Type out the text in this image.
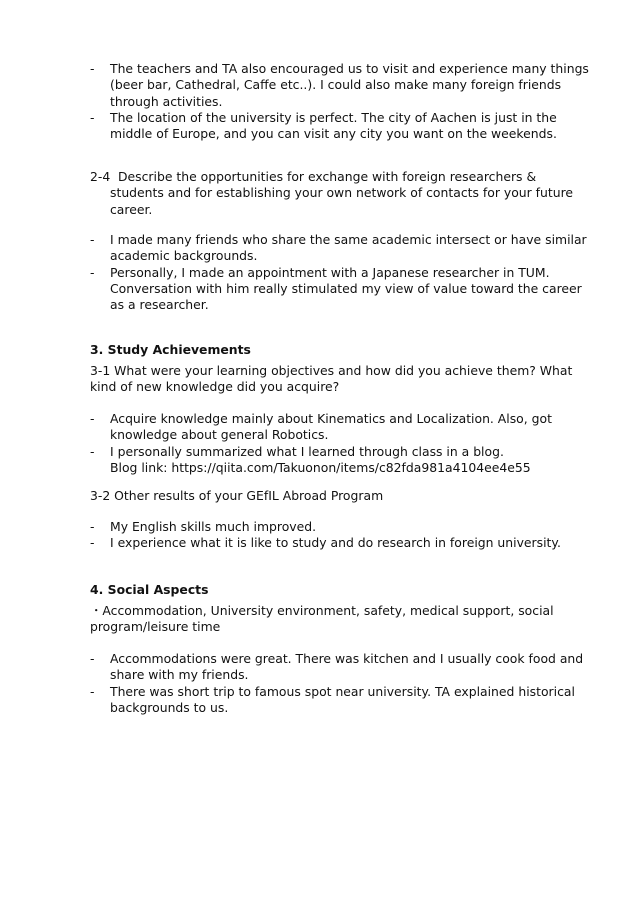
-	The teachers and TA also encouraged us to visit and experience many things
(beer bar, Cathedral, Caffe etc..). I could also make many foreign friends
through activities.
-	The location of the university is perfect. The city of Aachen is just in the
middle of Europe, and you can visit any city you want on the weekends.
2-4 Describe the opportunities for exchange with foreign researchers &
students and for establishing your own network of contacts for your future
career.
-	I made many friends who share the same academic intersect or have similar
academic backgrounds.
-	Personally, I made an appointment with a Japanese researcher in TUM.
Conversation with him really stimulated my view of value toward the career
as a researcher.
3. Study Achievements
3-1 What were your learning objectives and how did you achieve them? What
kind of new knowledge did you acquire?
-	Acquire knowledge mainly about Kinematics and Localization. Also, got
knowledge about general Robotics.
-	I personally summarized what I learned through class in a blog.
Blog link: https://qiita.com/Takuonon/items/c82fda981a4104ee4e55
3-2 Other results of your GEfIL Abroad Program
-	My English skills much improved.
-	I experience what it is like to study and do research in foreign university.
4. Social Aspects
・Accommodation, University environment, safety, medical support, social
program/leisure time
-	Accommodations were great. There was kitchen and I usually cook food and
share with my friends.
-	There was short trip to famous spot near university. TA explained historical
backgrounds to us.
